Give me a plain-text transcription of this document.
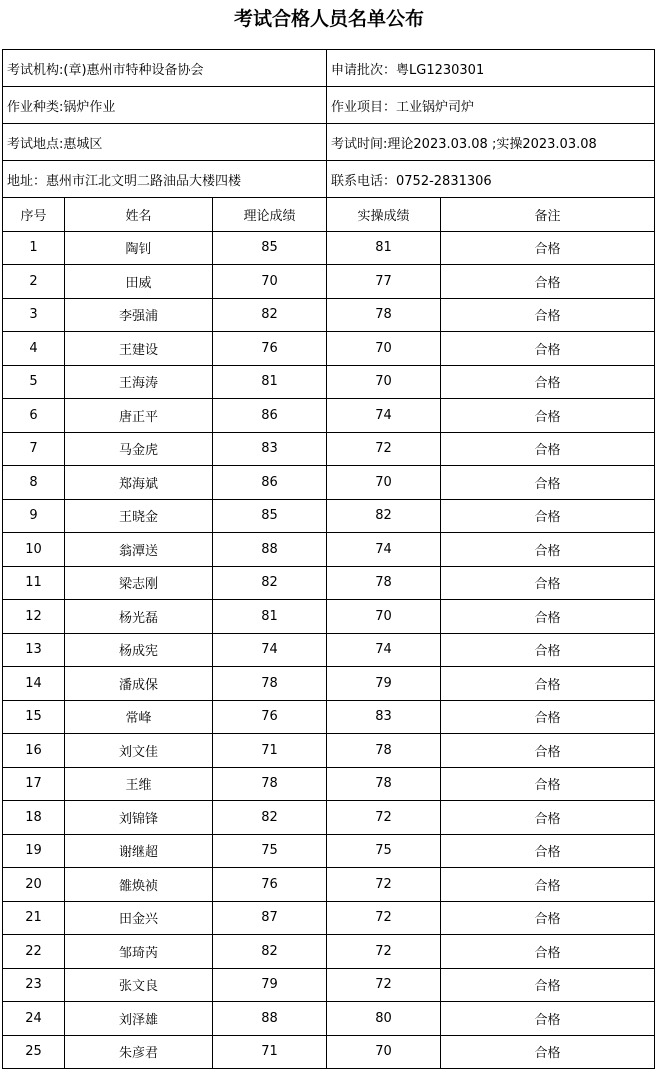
考试合格人员名单公布
考试机构:(章)惠州市特种设备协会			申请批次：粤LG1230301	
作业种类:锅炉作业			作业项目：工业锅炉司炉	
考试地点:惠城区			考试时间:理论2023.03.08 ;实操2023.03.08	
地址：惠州市江北文明二路油品大楼四楼			联系电话：0752-2831306	
序号	姓名	理论成绩	实操成绩	备注
1	陶钊	85	81	合格
2	田威	70	77	合格
3	李强浦	82	78	合格
4	王建设	76	70	合格
5	王海涛	81	70	合格
6	唐正平	86	74	合格
7	马金虎	83	72	合格
8	郑海斌	86	70	合格
9	王晓金	85	82	合格
10	翁潭送	88	74	合格
11	梁志刚	82	78	合格
12	杨光磊	81	70	合格
13	杨成宪	74	74	合格
14	潘成保	78	79	合格
15	常峰	76	83	合格
16	刘文佳	71	78	合格
17	王维	78	78	合格
18	刘锦锋	82	72	合格
19	谢继超	75	75	合格
20	雒焕祯	76	72	合格
21	田金兴	87	72	合格
22	邹琦芮	82	72	合格
23	张文良	79	72	合格
24	刘泽雄	88	80	合格
25	朱彦君	71	70	合格
